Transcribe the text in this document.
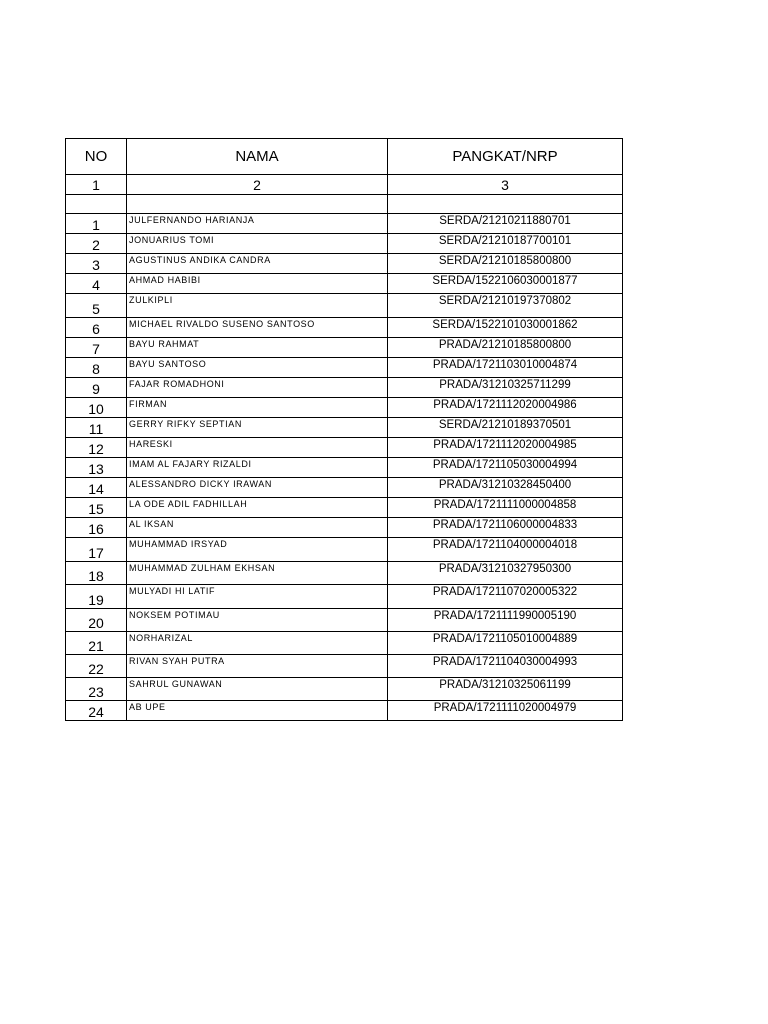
NO	NAMA	PANGKAT/NRP
1	2	3

1	JULFERNANDO HARIANJA	SERDA/21210211880701
2	JONUARIUS TOMI	SERDA/21210187700101
3	AGUSTINUS ANDIKA CANDRA	SERDA/21210185800800
4	AHMAD HABIBI	SERDA/1522106030001877
5	ZULKIPLI	SERDA/21210197370802
6	MICHAEL RIVALDO SUSENO SANTOSO	SERDA/1522101030001862
7	BAYU RAHMAT	PRADA/21210185800800
8	BAYU SANTOSO	PRADA/1721103010004874
9	FAJAR ROMADHONI	PRADA/31210325711299
10	FIRMAN	PRADA/1721112020004986
11	GERRY RIFKY SEPTIAN	SERDA/21210189370501
12	HARESKI	PRADA/1721112020004985
13	IMAM AL FAJARY RIZALDI	PRADA/1721105030004994
14	ALESSANDRO DICKY IRAWAN	PRADA/31210328450400
15	LA ODE ADIL FADHILLAH	PRADA/1721111000004858
16	AL IKSAN	PRADA/1721106000004833
17	MUHAMMAD IRSYAD	PRADA/1721104000004018
18	MUHAMMAD ZULHAM EKHSAN	PRADA/31210327950300
19	MULYADI HI LATIF	PRADA/1721107020005322
20	NOKSEM POTIMAU	PRADA/1721111990005190
21	NORHARIZAL	PRADA/1721105010004889
22	RIVAN SYAH PUTRA	PRADA/1721104030004993
23	SAHRUL GUNAWAN	PRADA/31210325061199
24	AB UPE	PRADA/1721111020004979
